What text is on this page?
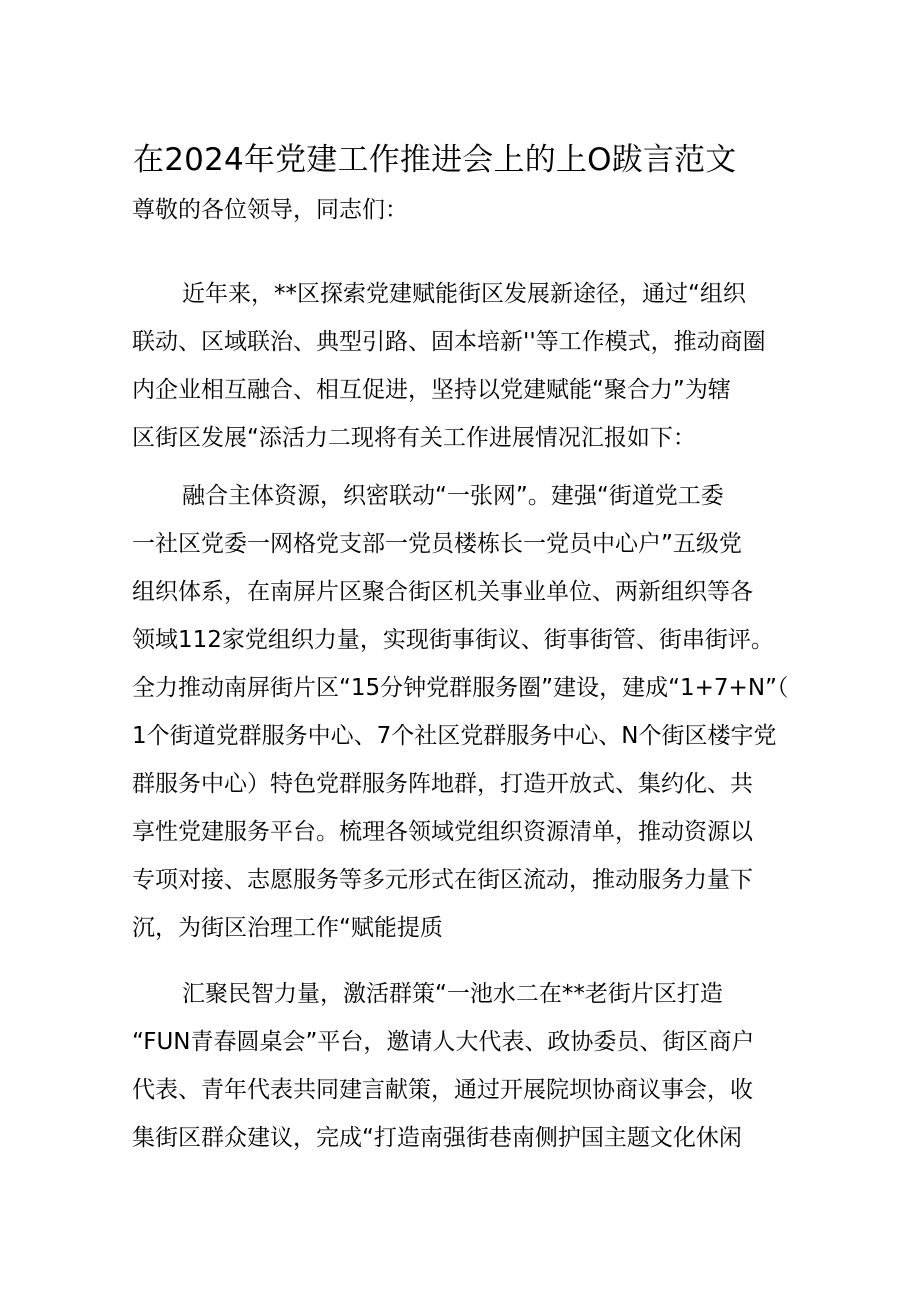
在2024年党建工作推进会上的上O跋言范文

尊敬的各位领导，同志们：

近年来，**区探索党建赋能街区发展新途径，通过“组织

联动、区域联治、典型引路、固本培新''等工作模式，推动商圈

内企业相互融合、相互促进，坚持以党建赋能“聚合力”为辖

区街区发展“添活力二现将有关工作进展情况汇报如下：

融合主体资源，织密联动“一张网”。建强“街道党工委

一社区党委一网格党支部一党员楼栋长一党员中心户”五级党

组织体系，在南屏片区聚合街区机关事业单位、两新组织等各

领域112家党组织力量，实现街事街议、街事街管、街串街评。

全力推动南屏街片区“15分钟党群服务圈”建设，建成“1+7+N”（

1个街道党群服务中心、7个社区党群服务中心、N个街区楼宇党

群服务中心）特色党群服务阵地群，打造开放式、集约化、共

享性党建服务平台。梳理各领域党组织资源清单，推动资源以

专项对接、志愿服务等多元形式在街区流动，推动服务力量下

沉，为街区治理工作“赋能提质

汇聚民智力量，激活群策“一池水二在**老街片区打造

“FUN青春圆桌会”平台，邀请人大代表、政协委员、街区商户

代表、青年代表共同建言献策，通过开展院坝协商议事会，收

集街区群众建议，完成“打造南强街巷南侧护国主题文化休闲
